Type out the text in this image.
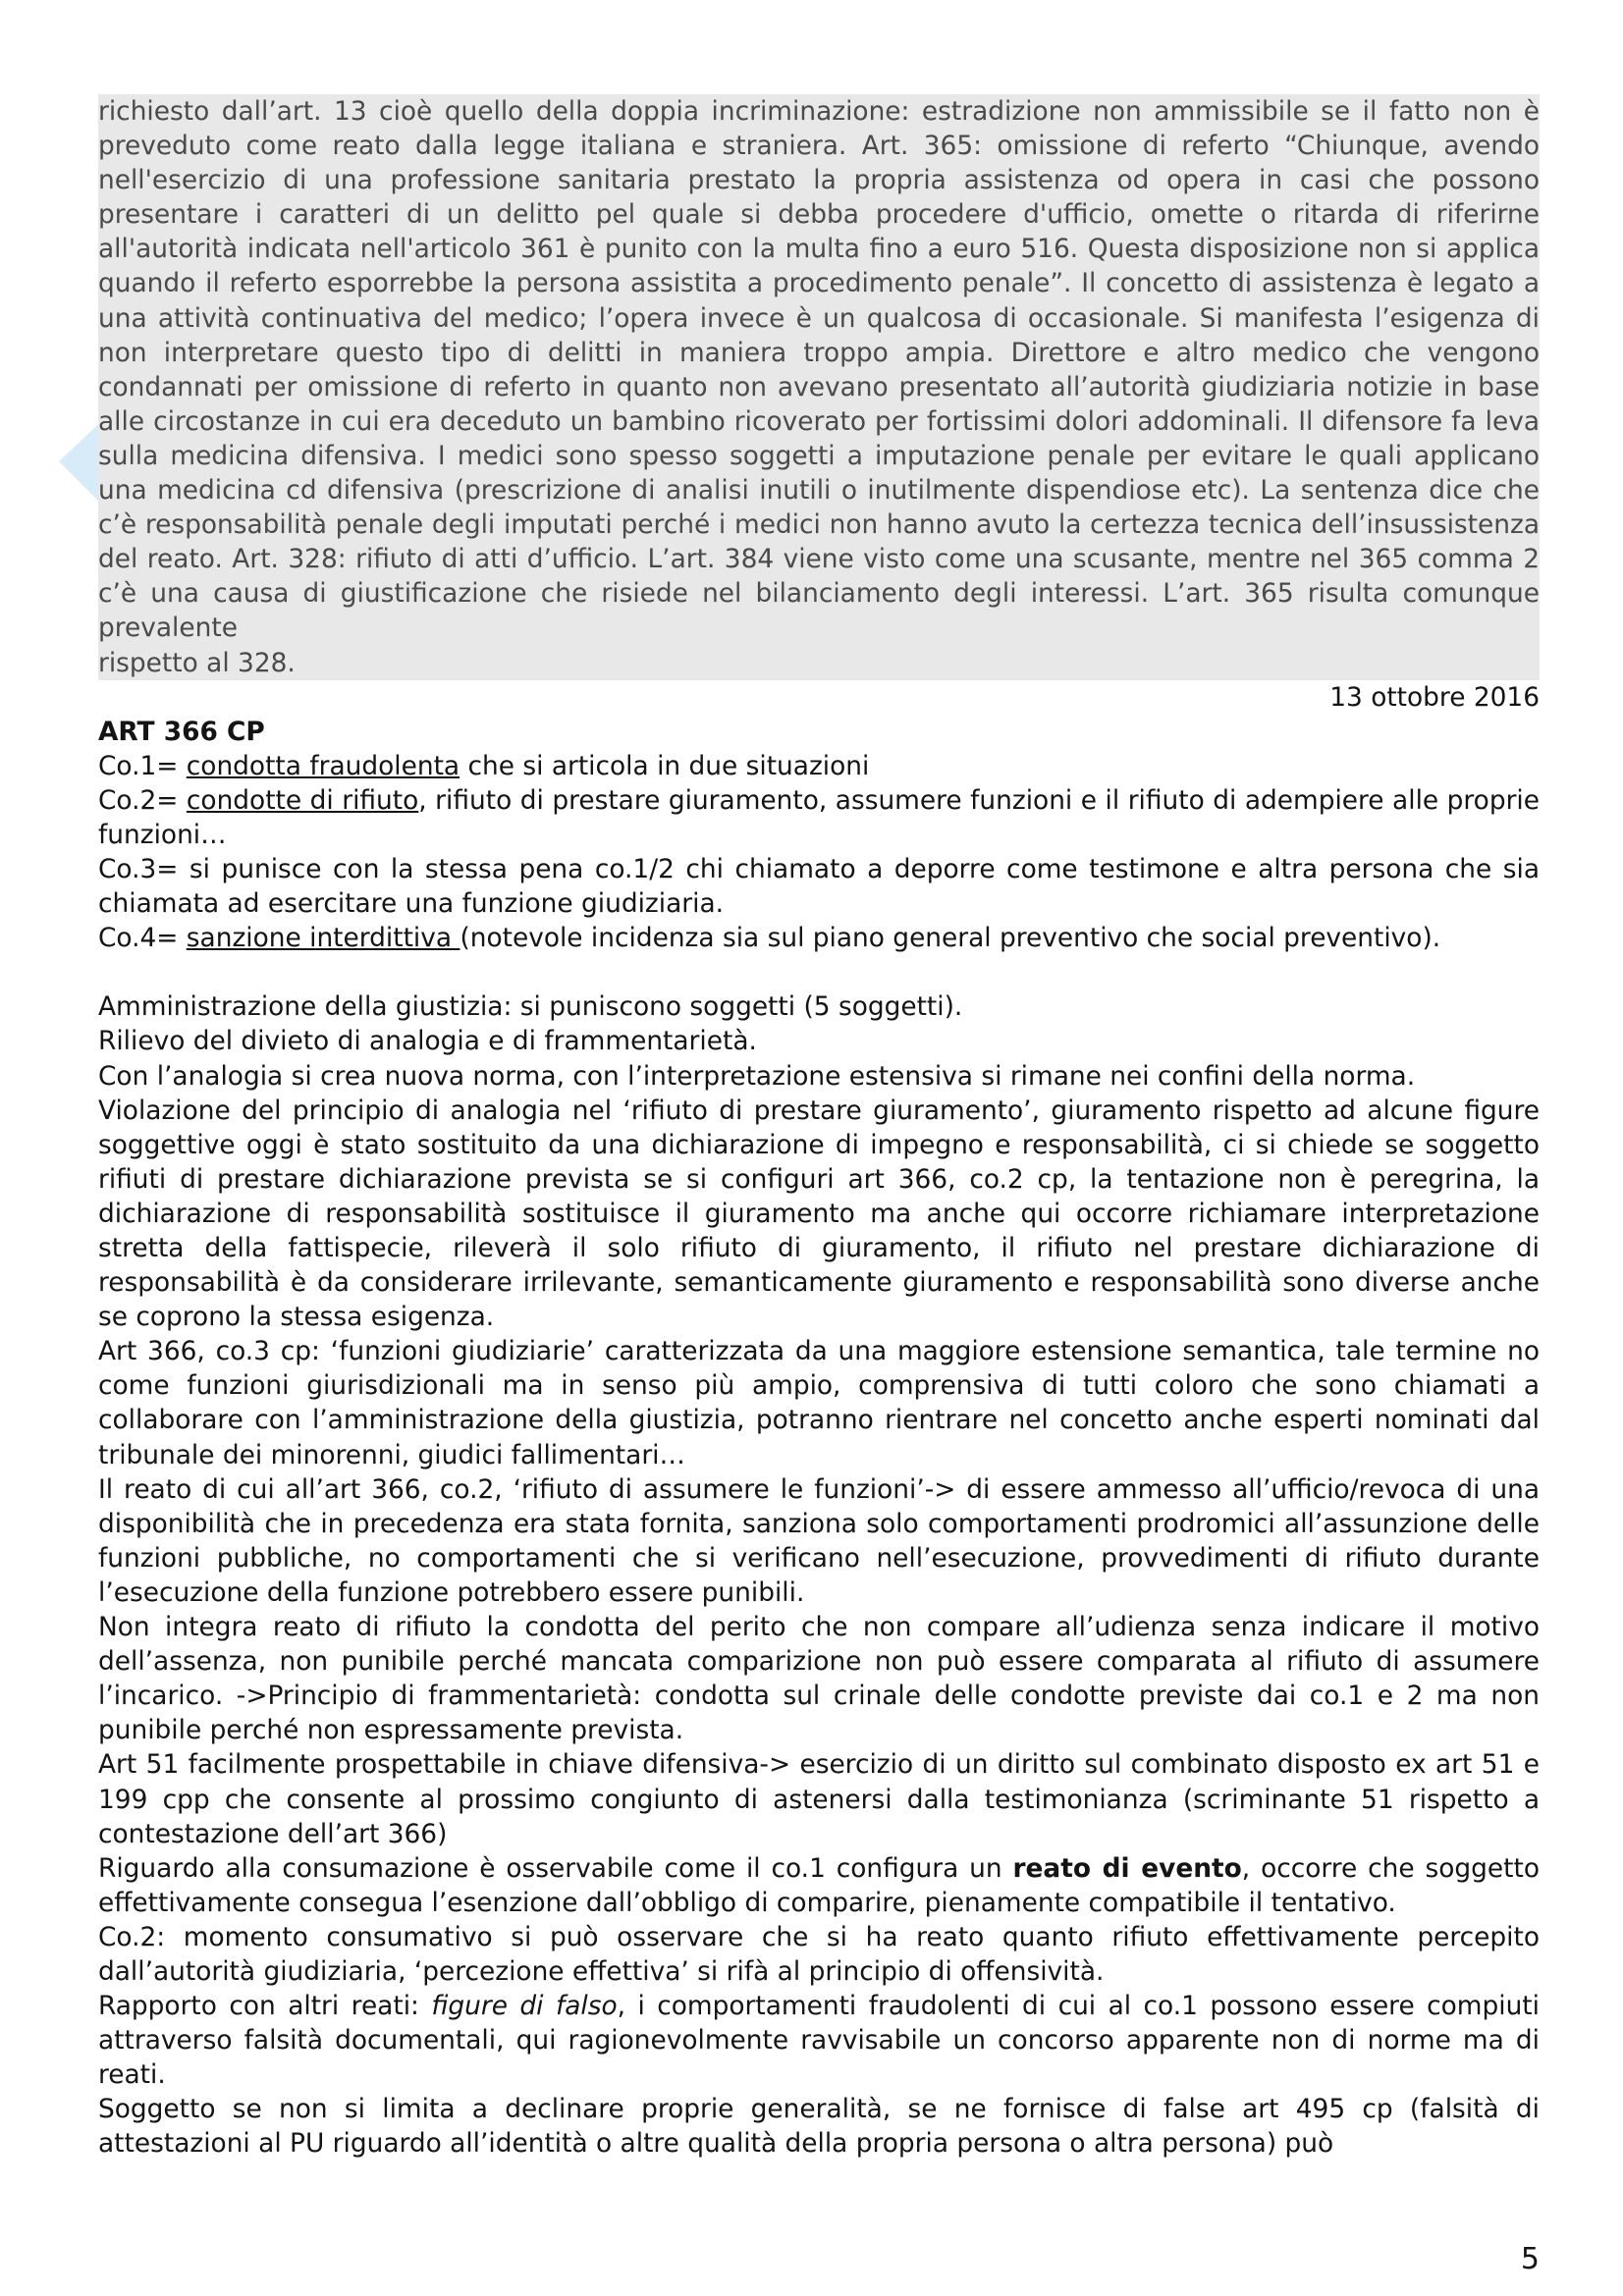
richiesto dall’art. 13 cioè quello della doppia incriminazione: estradizione non ammissibile se il fatto non è preveduto come reato dalla legge italiana e straniera. Art. 365: omissione di referto “Chiunque, avendo nell'esercizio di una professione sanitaria prestato la propria assistenza od opera in casi che possono presentare i caratteri di un delitto pel quale si debba procedere d'ufficio, omette o ritarda di riferirne all'autorità indicata nell'articolo 361 è punito con la multa fino a euro 516. Questa disposizione non si applica quando il referto esporrebbe la persona assistita a procedimento penale”. Il concetto di assistenza è legato a una attività continuativa del medico; l’opera invece è un qualcosa di occasionale. Si manifesta l’esigenza di non interpretare questo tipo di delitti in maniera troppo ampia. Direttore e altro medico che vengono condannati per omissione di referto in quanto non avevano presentato all’autorità giudiziaria notizie in base alle circostanze in cui era deceduto un bambino ricoverato per fortissimi dolori addominali. Il difensore fa leva sulla medicina difensiva. I medici sono spesso soggetti a imputazione penale per evitare le quali applicano una medicina cd difensiva (prescrizione di analisi inutili o inutilmente dispendiose etc). La sentenza dice che c’è responsabilità penale degli imputati perché i medici non hanno avuto la certezza tecnica dell’insussistenza del reato. Art. 328: rifiuto di atti d’ufficio. L’art. 384 viene visto come una scusante, mentre nel 365 comma 2 c’è una causa di giustificazione che risiede nel bilanciamento degli interessi. L’art. 365 risulta comunque prevalente
rispetto al 328.

13 ottobre 2016

ART 366 CP

Co.1= condotta fraudolenta che si articola in due situazioni

Co.2= condotte di rifiuto, rifiuto di prestare giuramento, assumere funzioni e il rifiuto di adempiere alle proprie funzioni…

Co.3= si punisce con la stessa pena co.1/2 chi chiamato a deporre come testimone e altra persona che sia chiamata ad esercitare una funzione giudiziaria.

Co.4= sanzione interdittiva (notevole incidenza sia sul piano general preventivo che social preventivo).

Amministrazione della giustizia: si puniscono soggetti (5 soggetti).

Rilievo del divieto di analogia e di frammentarietà.

Con l’analogia si crea nuova norma, con l’interpretazione estensiva si rimane nei confini della norma.

Violazione del principio di analogia nel ‘rifiuto di prestare giuramento’, giuramento rispetto ad alcune figure soggettive oggi è stato sostituito da una dichiarazione di impegno e responsabilità, ci si chiede se soggetto rifiuti di prestare dichiarazione prevista se si configuri art 366, co.2 cp, la tentazione non è peregrina, la dichiarazione di responsabilità sostituisce il giuramento ma anche qui occorre richiamare interpretazione stretta della fattispecie, rileverà il solo rifiuto di giuramento, il rifiuto nel prestare dichiarazione di responsabilità è da considerare irrilevante, semanticamente giuramento e responsabilità sono diverse anche se coprono la stessa esigenza.

Art 366, co.3 cp: ‘funzioni giudiziarie’ caratterizzata da una maggiore estensione semantica, tale termine no come funzioni giurisdizionali ma in senso più ampio, comprensiva di tutti coloro che sono chiamati a collaborare con l’amministrazione della giustizia, potranno rientrare nel concetto anche esperti nominati dal tribunale dei minorenni, giudici fallimentari…

Il reato di cui all’art 366, co.2, ‘rifiuto di assumere le funzioni’-> di essere ammesso all’ufficio/revoca di una disponibilità che in precedenza era stata fornita, sanziona solo comportamenti prodromici all’assunzione delle funzioni pubbliche, no comportamenti che si verificano nell’esecuzione, provvedimenti di rifiuto durante l’esecuzione della funzione potrebbero essere punibili.

Non integra reato di rifiuto la condotta del perito che non compare all’udienza senza indicare il motivo dell’assenza, non punibile perché mancata comparizione non può essere comparata al rifiuto di assumere l’incarico. ->Principio di frammentarietà: condotta sul crinale delle condotte previste dai co.1 e 2 ma non punibile perché non espressamente prevista.

Art 51 facilmente prospettabile in chiave difensiva-> esercizio di un diritto sul combinato disposto ex art 51 e 199 cpp che consente al prossimo congiunto di astenersi dalla testimonianza (scriminante 51 rispetto a contestazione dell’art 366)

Riguardo alla consumazione è osservabile come il co.1 configura un reato di evento, occorre che soggetto effettivamente consegua l’esenzione dall’obbligo di comparire, pienamente compatibile il tentativo.

Co.2: momento consumativo si può osservare che si ha reato quanto rifiuto effettivamente percepito dall’autorità giudiziaria, ‘percezione effettiva’ si rifà al principio di offensività.

Rapporto con altri reati: figure di falso, i comportamenti fraudolenti di cui al co.1 possono essere compiuti attraverso falsità documentali, qui ragionevolmente ravvisabile un concorso apparente non di norme ma di reati.

Soggetto se non si limita a declinare proprie generalità, se ne fornisce di false art 495 cp (falsità di attestazioni al PU riguardo all’identità o altre qualità della propria persona o altra persona) può

5
